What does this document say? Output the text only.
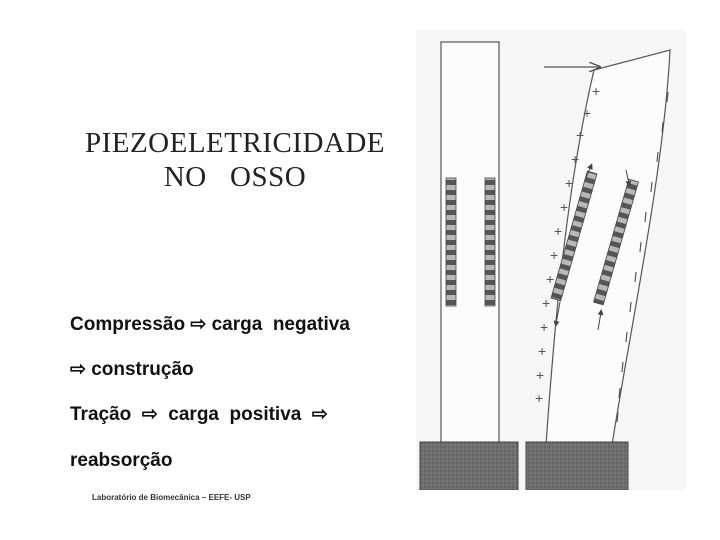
PIEZOELETRICIDADE
NO   OSSO
Compressão ⇨ carga  negativa
⇨ construção
Tração  ⇨  carga  positiva  ⇨
reabsorção
Laboratório de Biomecânica – EEFE- USP
+
+
+
+
+
+
+
+
+
+
+
+
+
+
